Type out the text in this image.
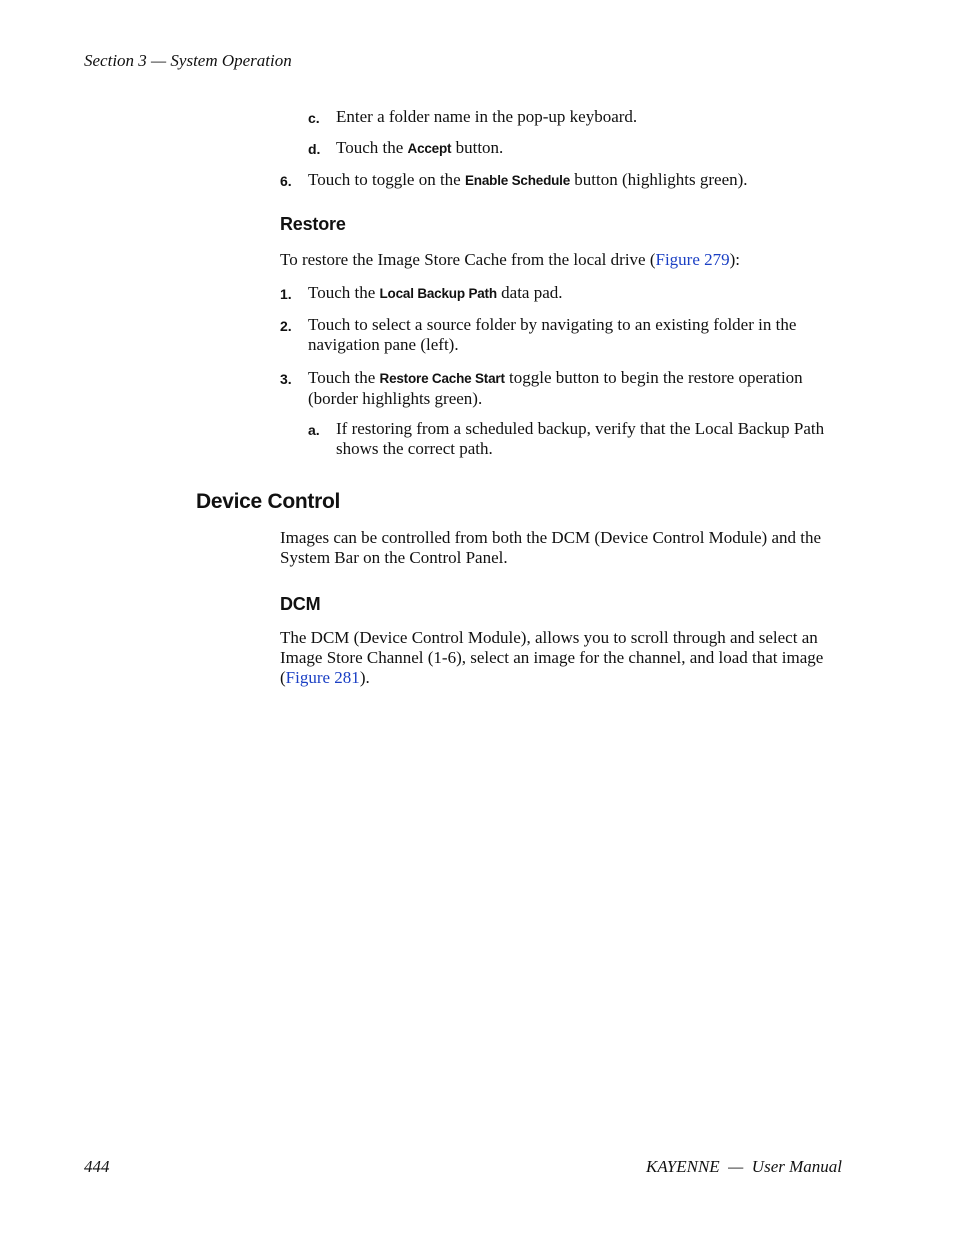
Section 3 — System Operation
c. Enter a folder name in the pop-up keyboard.
d. Touch the Accept button.
6. Touch to toggle on the Enable Schedule button (highlights green).
Restore
To restore the Image Store Cache from the local drive (Figure 279):
1. Touch the Local Backup Path data pad.
2. Touch to select a source folder by navigating to an existing folder in the navigation pane (left).
3. Touch the Restore Cache Start toggle button to begin the restore operation (border highlights green).
a. If restoring from a scheduled backup, verify that the Local Backup Path shows the correct path.
Device Control
Images can be controlled from both the DCM (Device Control Module) and the System Bar on the Control Panel.
DCM
The DCM (Device Control Module), allows you to scroll through and select an Image Store Channel (1-6), select an image for the channel, and load that image (Figure 281).
444	KAYENNE  —  User Manual
